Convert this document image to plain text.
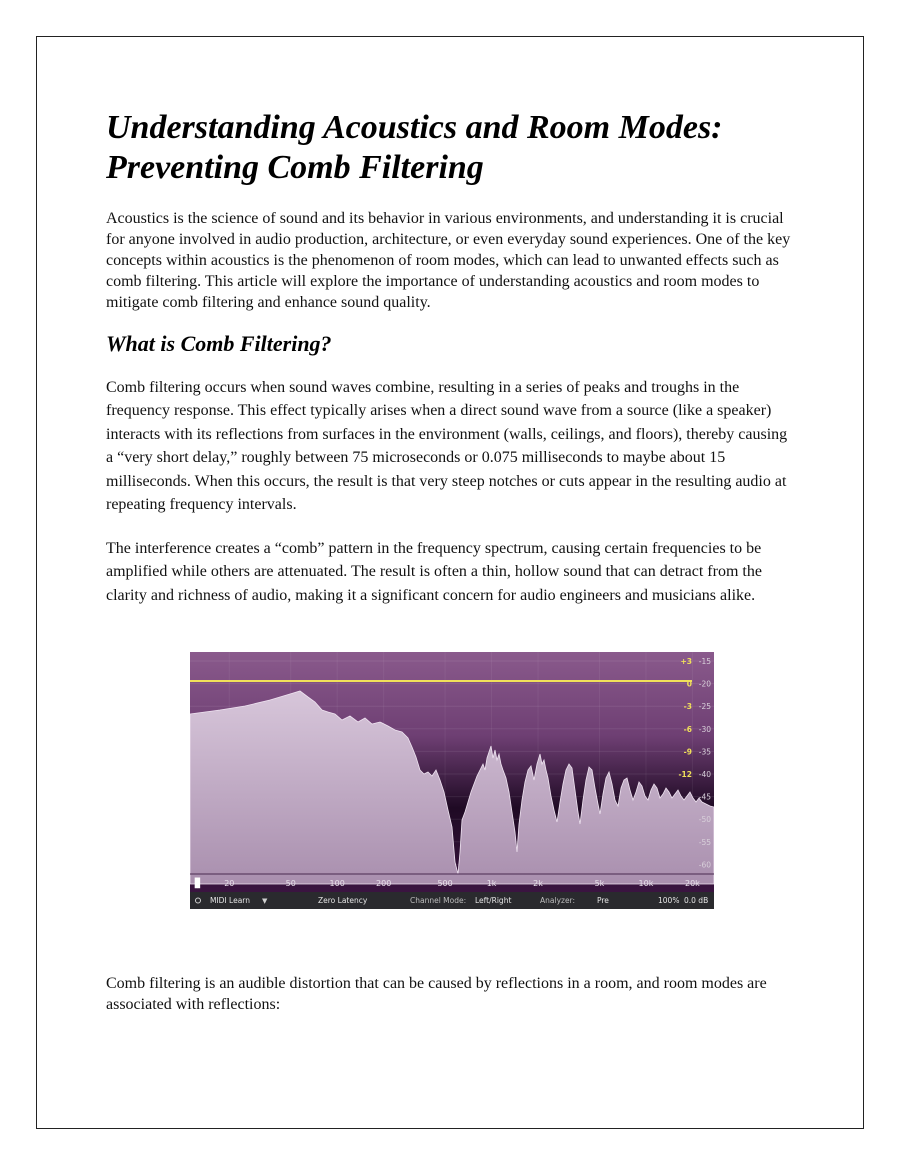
Understanding Acoustics and Room Modes: Preventing Comb Filtering

Acoustics is the science of sound and its behavior in various environments, and understanding it is crucial for anyone involved in audio production, architecture, or even everyday sound experiences. One of the key concepts within acoustics is the phenomenon of room modes, which can lead to unwanted effects such as comb filtering. This article will explore the importance of understanding acoustics and room modes to mitigate comb filtering and enhance sound quality.

What is Comb Filtering?

Comb filtering occurs when sound waves combine, resulting in a series of peaks and troughs in the frequency response. This effect typically arises when a direct sound wave from a source (like a speaker) interacts with its reflections from surfaces in the environment (walls, ceilings, and floors), thereby causing a “very short delay,” roughly between 75 microseconds or 0.075 milliseconds to maybe about 15 milliseconds. When this occurs, the result is that very steep notches or cuts appear in the resulting audio at repeating frequency intervals.

The interference creates a “comb” pattern in the frequency spectrum, causing certain frequencies to be amplified while others are attenuated. The result is often a thin, hollow sound that can detract from the clarity and richness of audio, making it a significant concern for audio engineers and musicians alike.

+3
0
-3
-6
-9
-12
-15
-20
-25
-30
-35
-40
-45
-50
-55
-60
20	50	100	200	500	1k	2k	5k	10k	20k
▐▌
MIDI Learn ▼	Zero Latency	Channel Mode: Left/Right	Analyzer:	Pre	100% 0.0 dB

Comb filtering is an audible distortion that can be caused by reflections in a room, and room modes are associated with reflections:
